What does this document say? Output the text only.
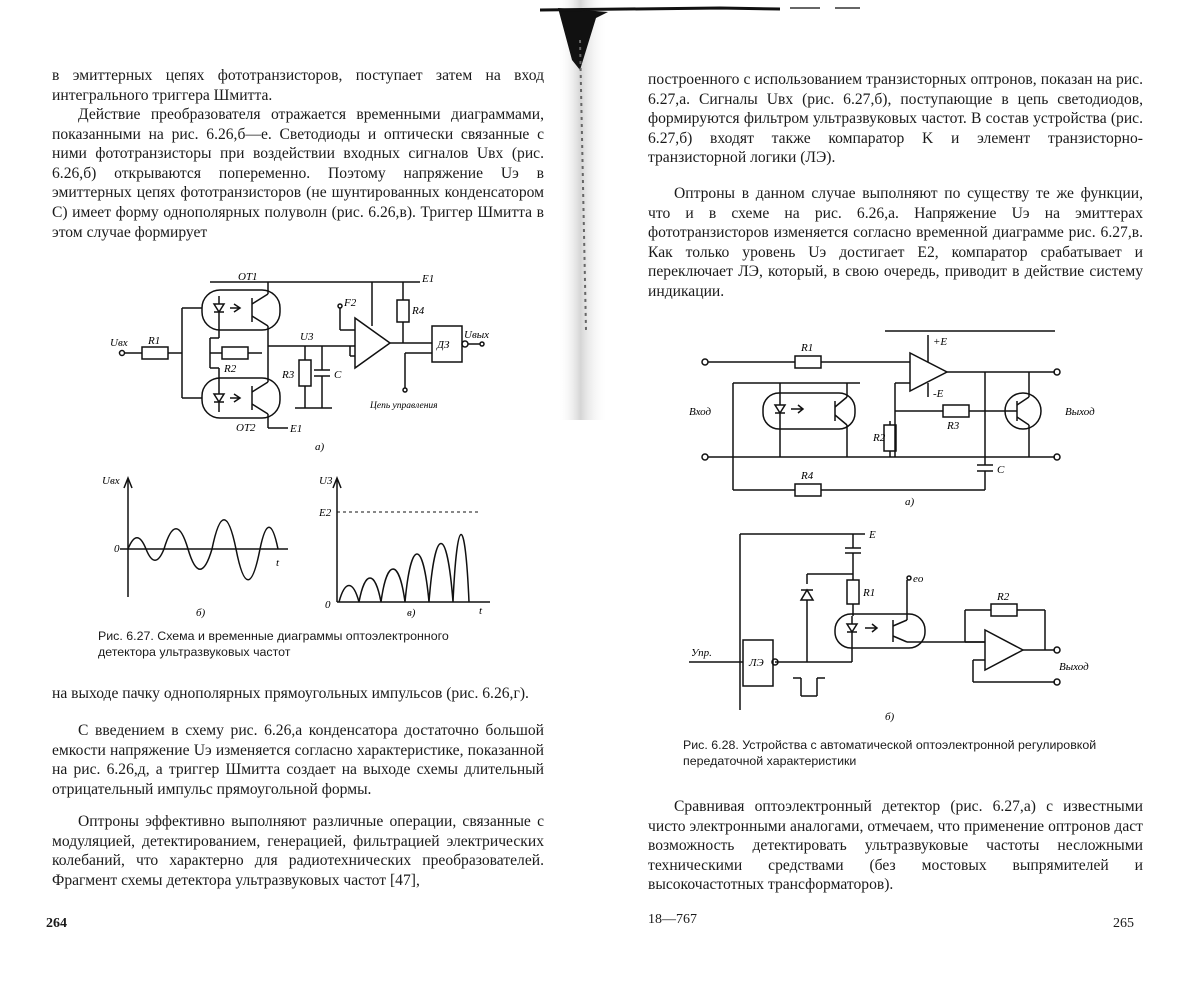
в эмиттерных цепях фототранзисторов, поступает затем на вход интегрального триггера Шмитта.

Действие преобразователя отражается временными диаграммами, показанными на рис. 6.26,б—е. Светодиоды и оптически связанные с ними фототранзисторы при воздействии входных сигналов Uвх (рис. 6.26,б) открываются попеременно. Поэтому напряжение Uэ в эмиттерных цепях фототранзисторов (не шунтированных конденсатором C) имеет форму однополярных полуволн (рис. 6.26,в). Триггер Шмитта в этом случае формирует

ОТ1
ОТ2
R1
R2	R3
R4
C
E1
E1
F2
U3
Uвх
Uвых
ДЗ
Цепь управления
а)
Uвх
0
t
б)
U3
E2
0	t
в)

Рис. 6.27. Схема и временные диаграммы оптоэлектронного детектора ультразвуковых частот

на выходе пачку однополярных прямоугольных импульсов (рис. 6.26,г).

С введением в схему рис. 6.26,а конденсатора достаточно большой емкости напряжение Uэ изменяется согласно характеристике, показанной на рис. 6.26,д, а триггер Шмитта создает на выходе схемы длительный отрицательный импульс прямоугольной формы.

Оптроны эффективно выполняют различные операции, связанные с модуляцией, детектированием, генерацией, фильтрацией электрических колебаний, что характерно для радиотехнических преобразователей. Фрагмент схемы детектора ультразвуковых частот [47],

264

построенного с использованием транзисторных оптронов, показан на рис. 6.27,а. Сигналы Uвх (рис. 6.27,б), поступающие в цепь светодиодов, формируются фильтром ультразвуковых частот. В состав устройства (рис. 6.27,б) входят также компаратор K и элемент транзисторно-транзисторной логики (ЛЭ).

Оптроны в данном случае выполняют по существу те же функции, что и в схеме на рис. 6.26,а. Напряжение Uэ на эмиттерах фототранзисторов изменяется согласно временной диаграмме рис. 6.27,в. Как только уровень Uэ достигает E2, компаратор срабатывает и переключает ЛЭ, который, в свою очередь, приводит в действие систему индикации.

R1
R2
R3
R4	C
+E
-E
Вход	Выход
а)
E
eo
R1	R2
Упр.
ЛЭ	Выход
б)

Рис. 6.28. Устройства с автоматической оптоэлектронной регулировкой передаточной характеристики

Сравнивая оптоэлектронный детектор (рис. 6.27,а) с известными чисто электронными аналогами, отмечаем, что применение оптронов даст возможность детектировать ультразвуковые частоты несложными техническими средствами (без мостовых выпрямителей и высокочастотных трансформаторов).

18—767	265
